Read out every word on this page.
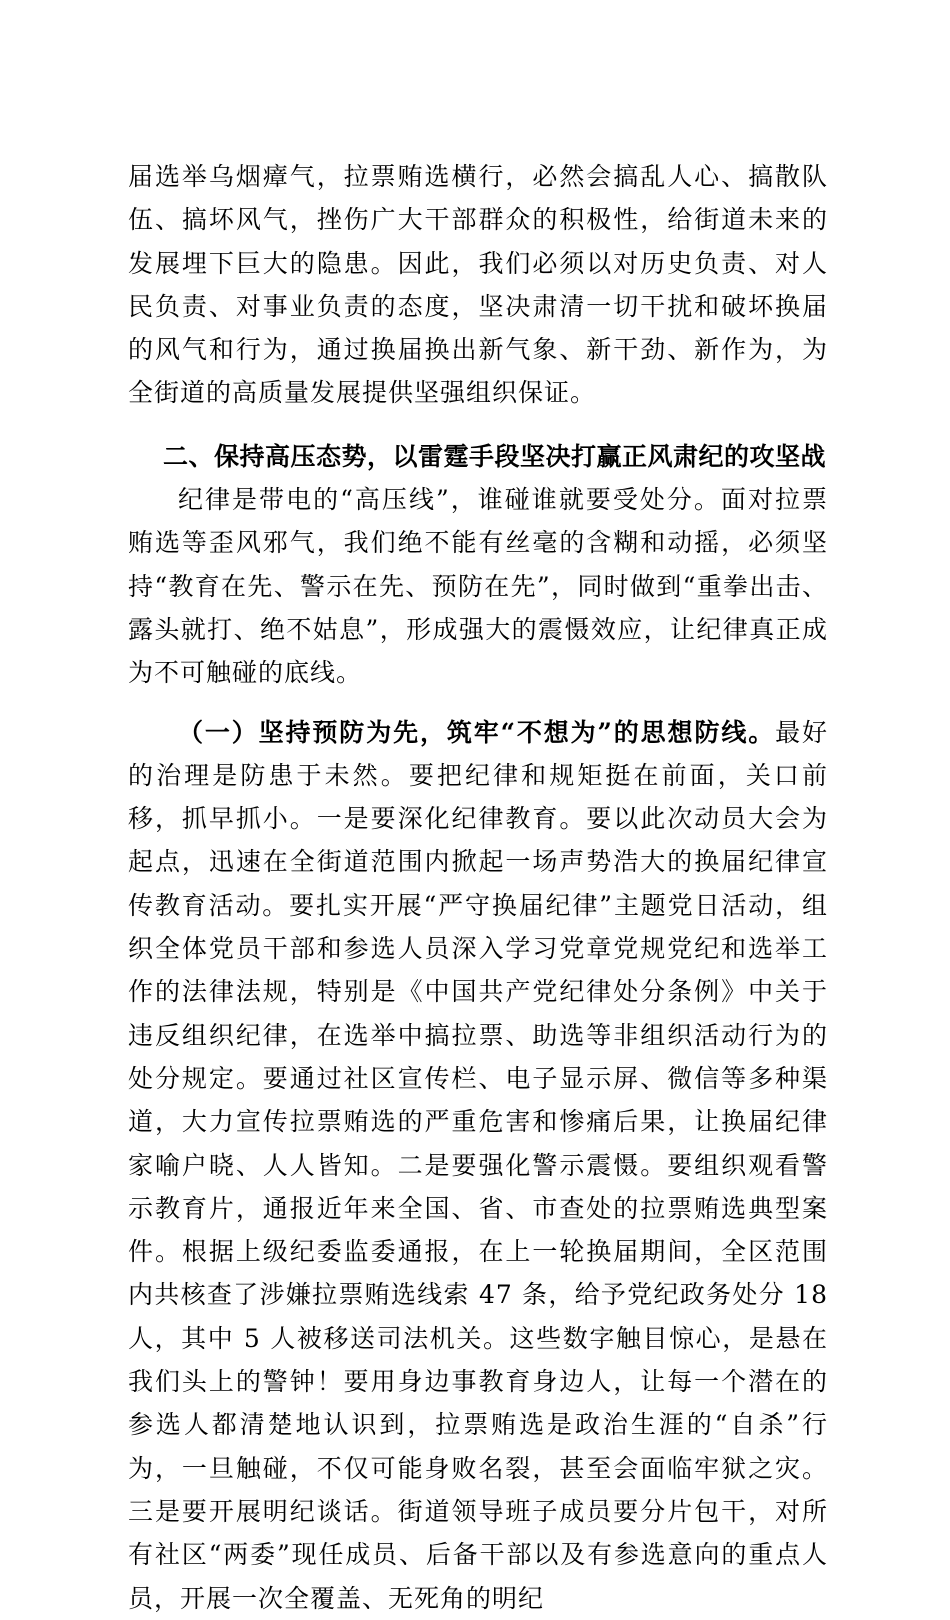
届选举乌烟瘴气，拉票贿选横行，必然会搞乱人心、搞散队伍、搞坏风气，挫伤广大干部群众的积极性，给街道未来的发展埋下巨大的隐患。因此，我们必须以对历史负责、对人民负责、对事业负责的态度，坚决肃清一切干扰和破坏换届的风气和行为，通过换届换出新气象、新干劲、新作为，为全街道的高质量发展提供坚强组织保证。

二、保持高压态势，以雷霆手段坚决打赢正风肃纪的攻坚战

纪律是带电的“高压线”，谁碰谁就要受处分。面对拉票贿选等歪风邪气，我们绝不能有丝毫的含糊和动摇，必须坚持“教育在先、警示在先、预防在先”，同时做到“重拳出击、露头就打、绝不姑息”，形成强大的震慑效应，让纪律真正成为不可触碰的底线。

（一）坚持预防为先，筑牢“不想为”的思想防线。最好的治理是防患于未然。要把纪律和规矩挺在前面，关口前移，抓早抓小。一是要深化纪律教育。要以此次动员大会为起点，迅速在全街道范围内掀起一场声势浩大的换届纪律宣传教育活动。要扎实开展“严守换届纪律”主题党日活动，组织全体党员干部和参选人员深入学习党章党规党纪和选举工作的法律法规，特别是《中国共产党纪律处分条例》中关于违反组织纪律，在选举中搞拉票、助选等非组织活动行为的处分规定。要通过社区宣传栏、电子显示屏、微信等多种渠道，大力宣传拉票贿选的严重危害和惨痛后果，让换届纪律家喻户晓、人人皆知。二是要强化警示震慑。要组织观看警示教育片，通报近年来全国、省、市查处的拉票贿选典型案件。根据上级纪委监委通报，在上一轮换届期间，全区范围内共核查了涉嫌拉票贿选线索 47 条，给予党纪政务处分 18 人，其中 5 人被移送司法机关。这些数字触目惊心，是悬在我们头上的警钟！要用身边事教育身边人，让每一个潜在的参选人都清楚地认识到，拉票贿选是政治生涯的“自杀”行为，一旦触碰，不仅可能身败名裂，甚至会面临牢狱之灾。三是要开展明纪谈话。街道领导班子成员要分片包干，对所有社区“两委”现任成员、后备干部以及有参选意向的重点人员，开展一次全覆盖、无死角的明纪
